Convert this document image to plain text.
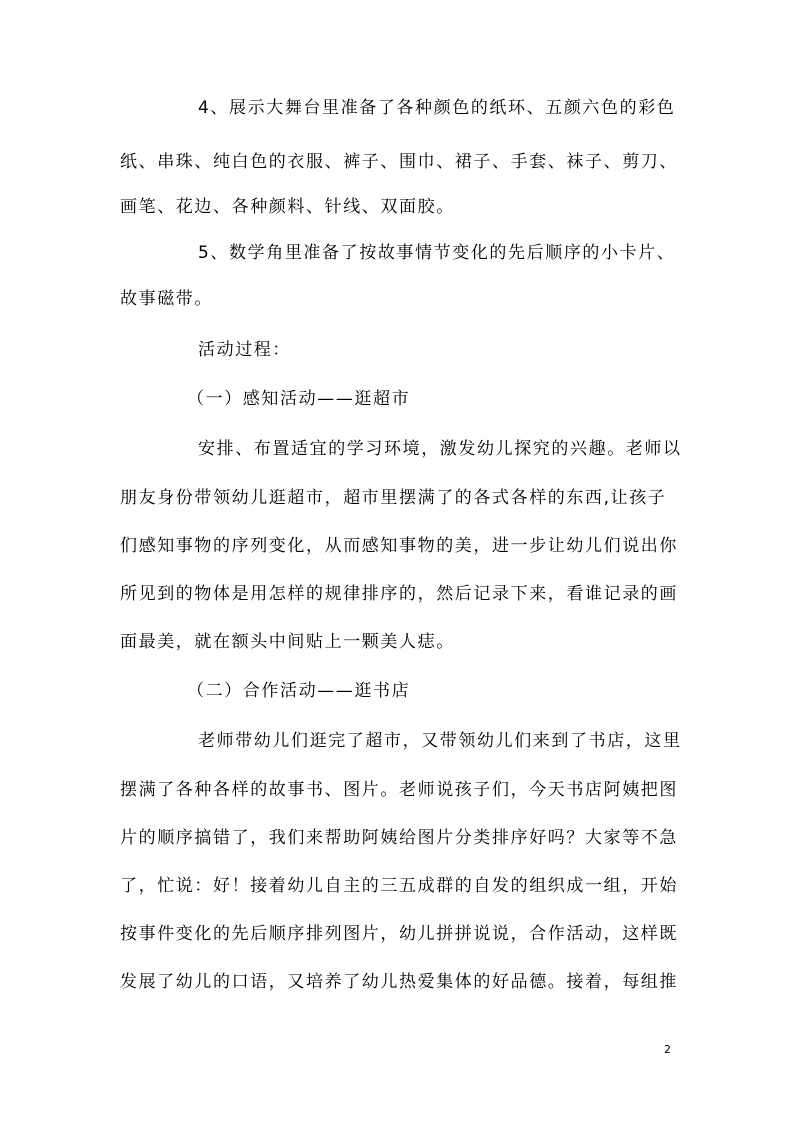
4、展示大舞台里准备了各种颜色的纸环、五颜六色的彩色
纸、串珠、纯白色的衣服、裤子、围巾、裙子、手套、袜子、剪刀、
画笔、花边、各种颜料、针线、双面胶。
5、数学角里准备了按故事情节变化的先后顺序的小卡片、
故事磁带。
活动过程：
（一）感知活动——逛超市
安排、布置适宜的学习环境，激发幼儿探究的兴趣。老师以
朋友身份带领幼儿逛超市，超市里摆满了的各式各样的东西,让孩子
们感知事物的序列变化，从而感知事物的美，进一步让幼儿们说出你
所见到的物体是用怎样的规律排序的，然后记录下来，看谁记录的画
面最美，就在额头中间贴上一颗美人痣。
（二）合作活动——逛书店
老师带幼儿们逛完了超市，又带领幼儿们来到了书店，这里
摆满了各种各样的故事书、图片。老师说孩子们，今天书店阿姨把图
片的顺序搞错了，我们来帮助阿姨给图片分类排序好吗？大家等不急
了，忙说：好！接着幼儿自主的三五成群的自发的组织成一组，开始
按事件变化的先后顺序排列图片，幼儿拼拼说说，合作活动，这样既
发展了幼儿的口语，又培养了幼儿热爱集体的好品德。接着，每组推
2
